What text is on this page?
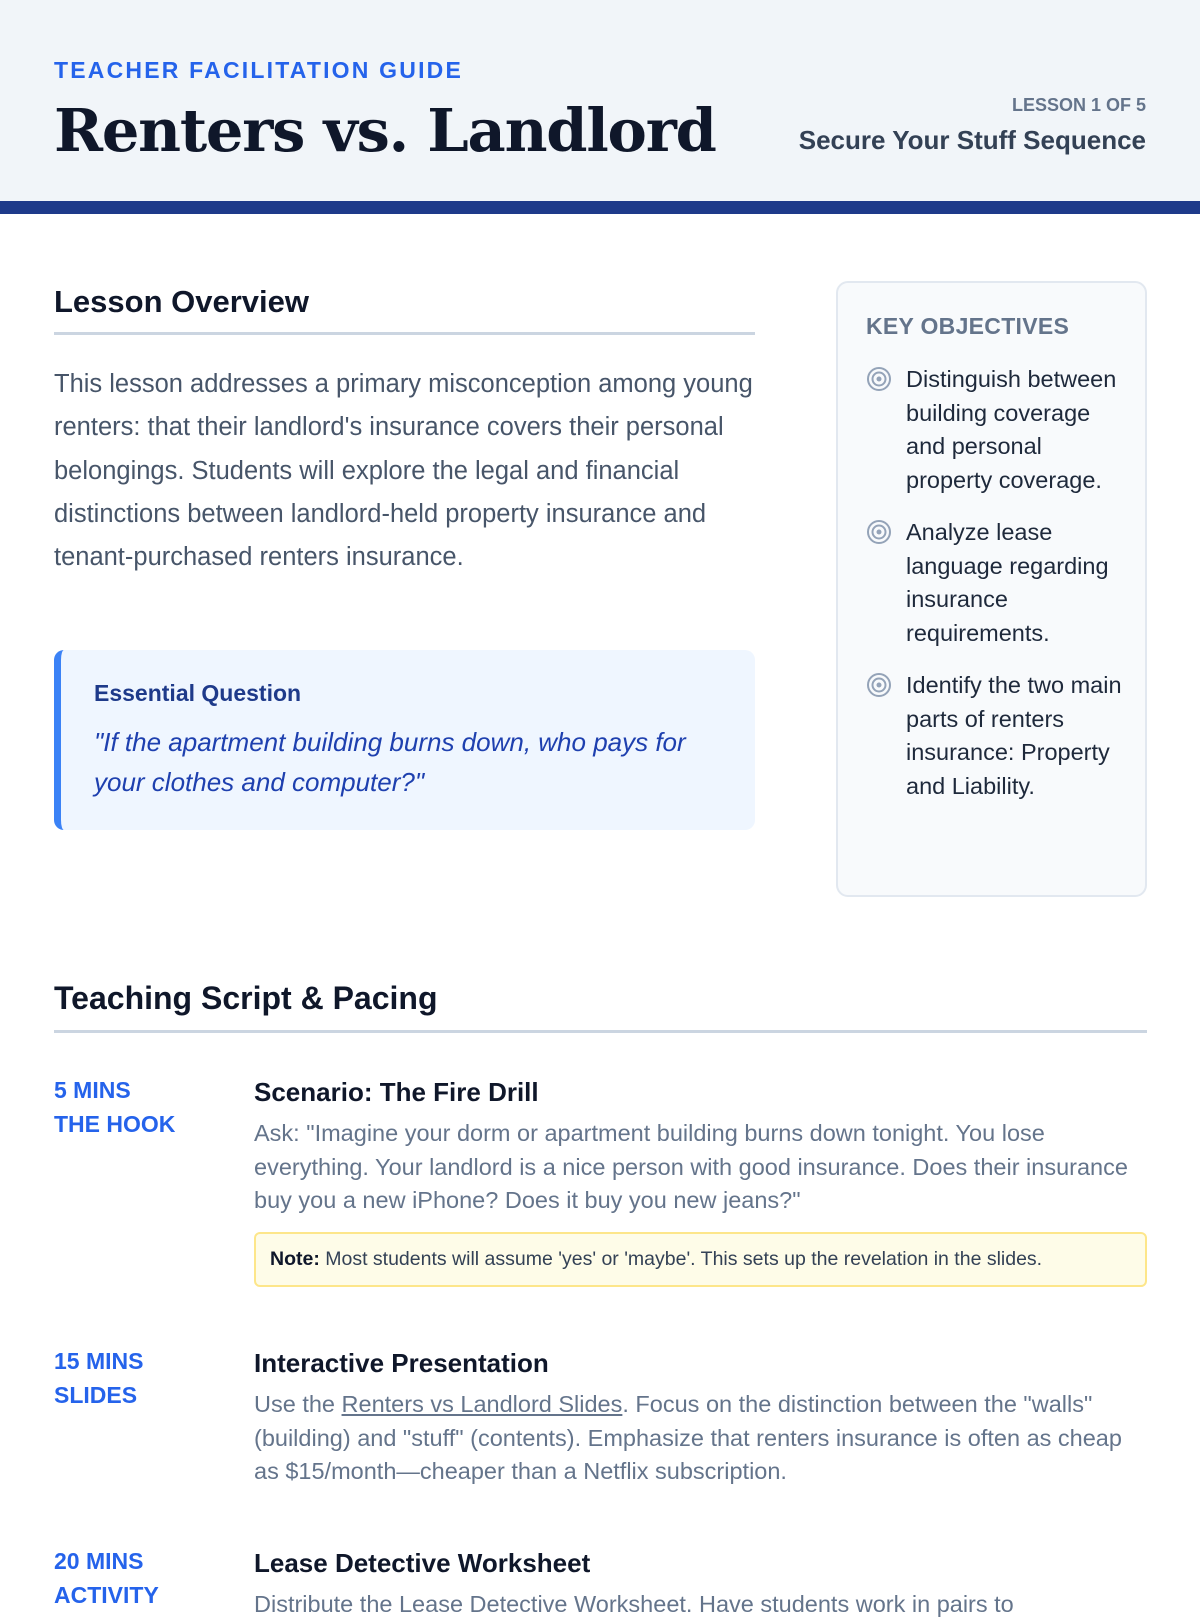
TEACHER FACILITATION GUIDE
Renters vs. Landlord	LESSON 1 OF 5
Secure Your Stuff Sequence
Lesson Overview

This lesson addresses a primary misconception among young renters: that their landlord's insurance covers their personal belongings. Students will explore the legal and financial distinctions between landlord-held property insurance and tenant-purchased renters insurance.

Essential Question
"If the apartment building burns down, who pays for your clothes and computer?"
KEY OBJECTIVES
Distinguish between building coverage and personal property coverage.
Analyze lease language regarding insurance requirements.
Identify the two main parts of renters insurance: Property and Liability.
Teaching Script & Pacing
5 MINS
THE HOOK
Scenario: The Fire Drill
Ask: "Imagine your dorm or apartment building burns down tonight. You lose everything. Your landlord is a nice person with good insurance. Does their insurance buy you a new iPhone? Does it buy you new jeans?"
Note: Most students will assume 'yes' or 'maybe'. This sets up the revelation in the slides.
15 MINS
SLIDES
Interactive Presentation
Use the Renters vs Landlord Slides. Focus on the distinction between the "walls" (building) and "stuff" (contents). Emphasize that renters insurance is often as cheap as $15/month—cheaper than a Netflix subscription.
20 MINS
ACTIVITY
Lease Detective Worksheet
Distribute the Lease Detective Worksheet. Have students work in pairs to
